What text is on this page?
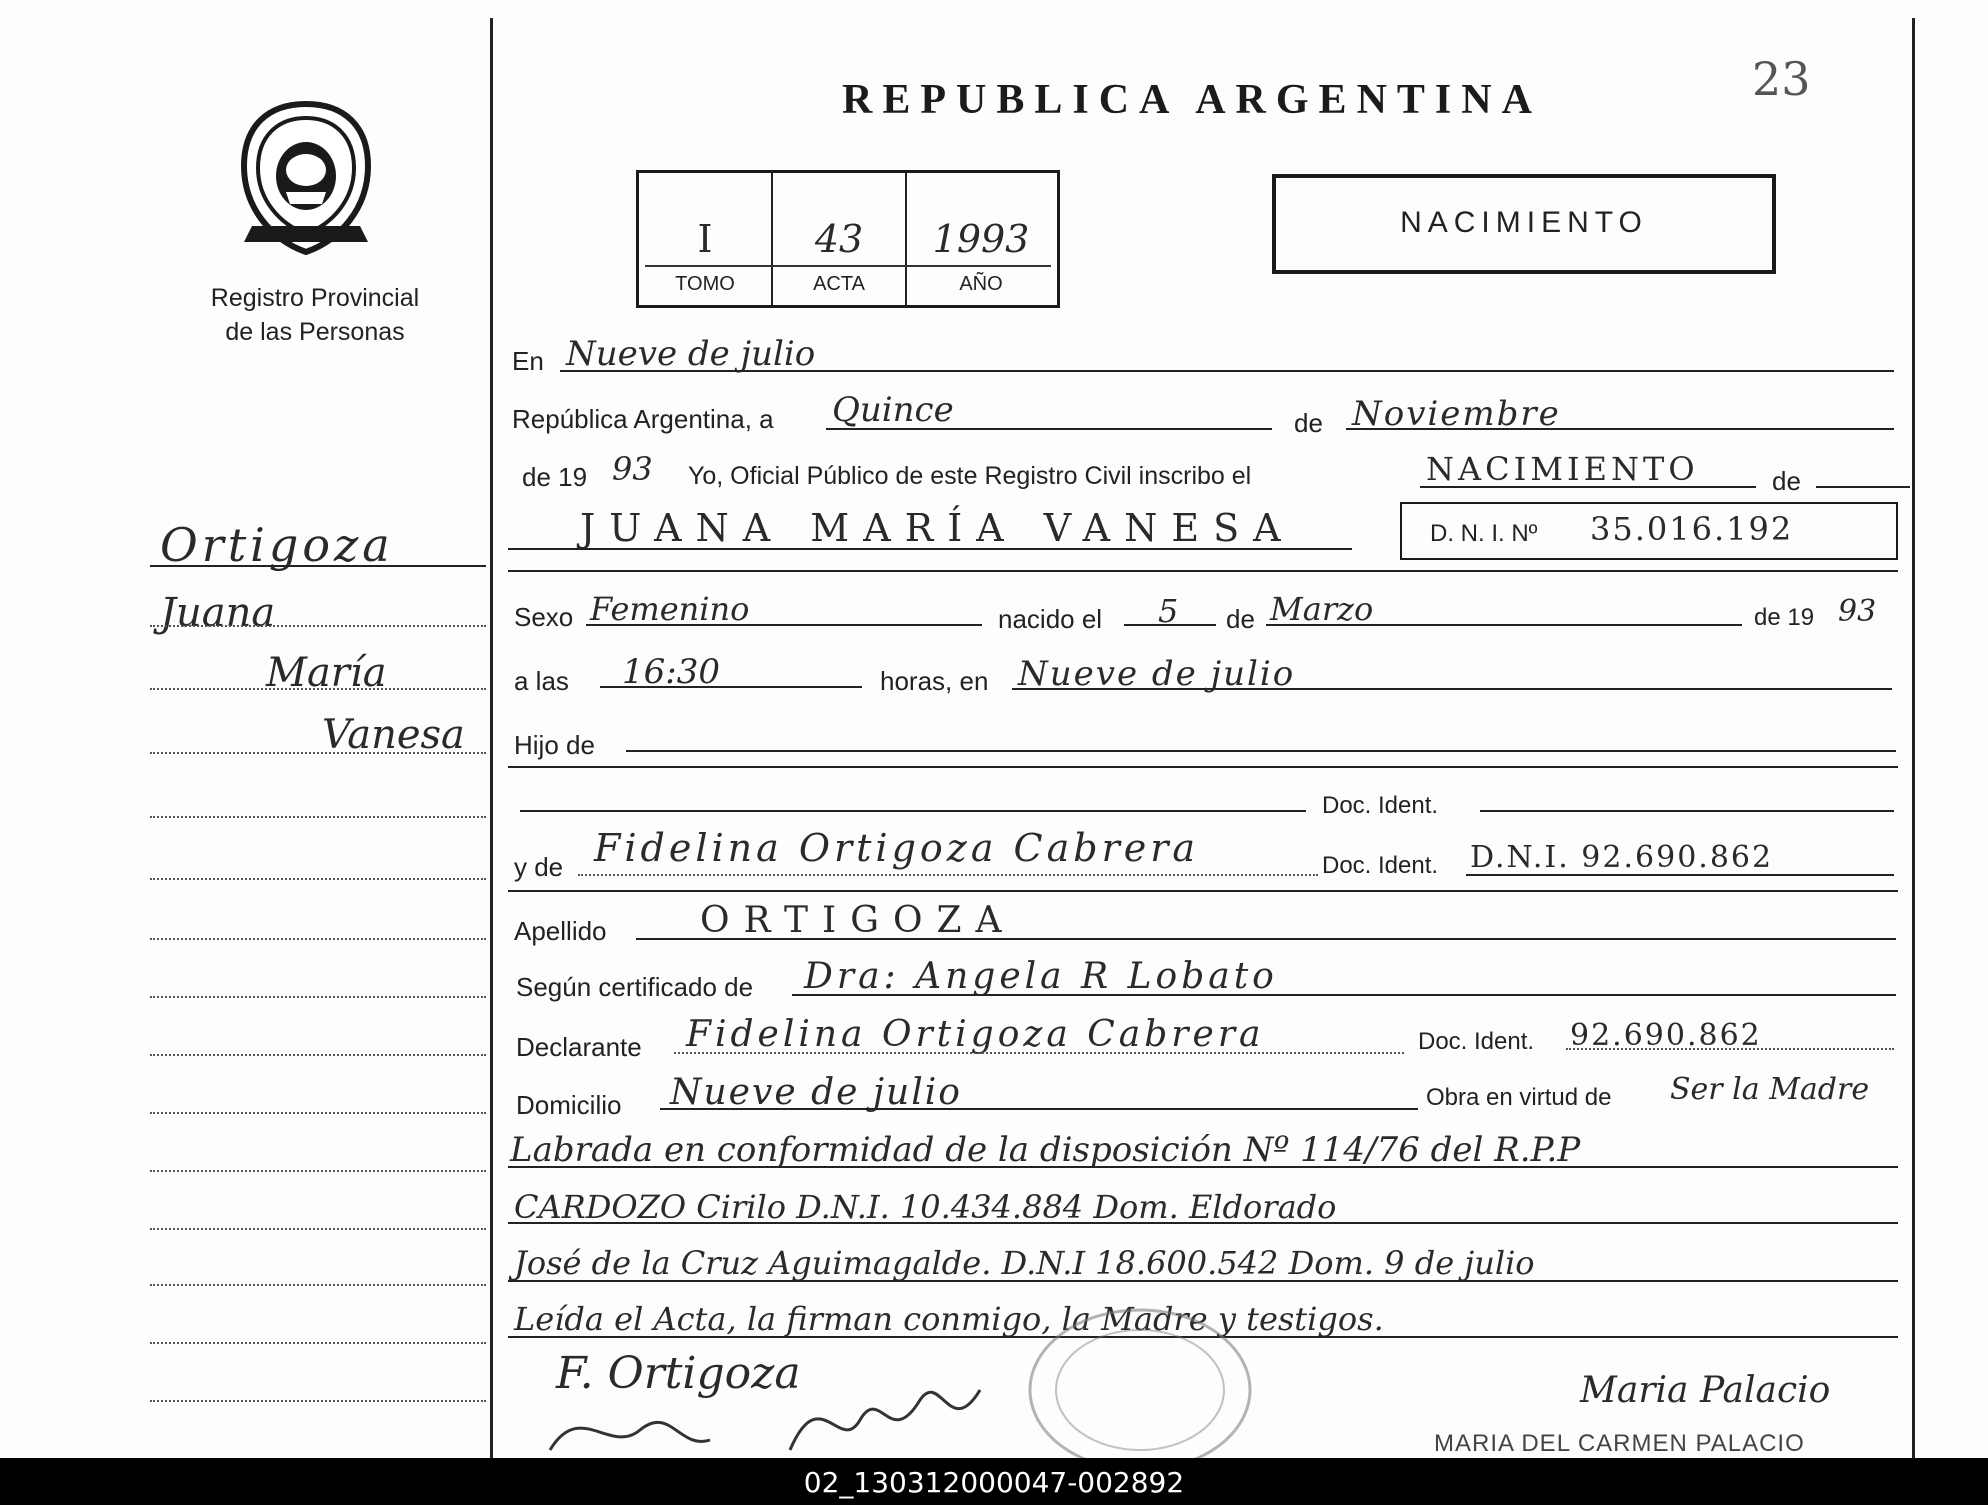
23
Registro Provincial
de las Personas
REPUBLICA ARGENTINA
I	43	1993
TOMO	ACTA	AÑO
NACIMIENTO
Ortigoza
Juana
María
Vanesa
En Nueve de julio
República Argentina, a Quince	de Noviembre
de 19 93 Yo, Oficial Público de este Registro Civil inscribo el	NACIMIENTO	de
JUANA MARÍA VANESA	D. N. I. Nº 35.016.192
Sexo Femenino	nacido el 5 de Marzo	de 19 93
a las 16:30	horas, en Nueve de julio
Hijo de
Doc. Ident.
y de Fidelina Ortigoza Cabrera	Doc. Ident. D.N.I. 92.690.862
Apellido	ORTIGOZA
Según certificado de Dra: Angela R Lobato
Declarante Fidelina Ortigoza Cabrera	Doc. Ident. 92.690.862
Domicilio Nueve de julio	Obra en virtud de Ser la Madre
Labrada en conformidad de la disposición Nº 114/76 del R.P.P
CARDOZO Cirilo D.N.I. 10.434.884 Dom. Eldorado
José de la Cruz Aguimagalde. D.N.I 18.600.542 Dom. 9 de julio
Leída el Acta, la firman conmigo, la Madre y testigos.
F. Ortigoza	Maria Palacio
MARIA DEL CARMEN PALACIO
02_130312000047-002892
